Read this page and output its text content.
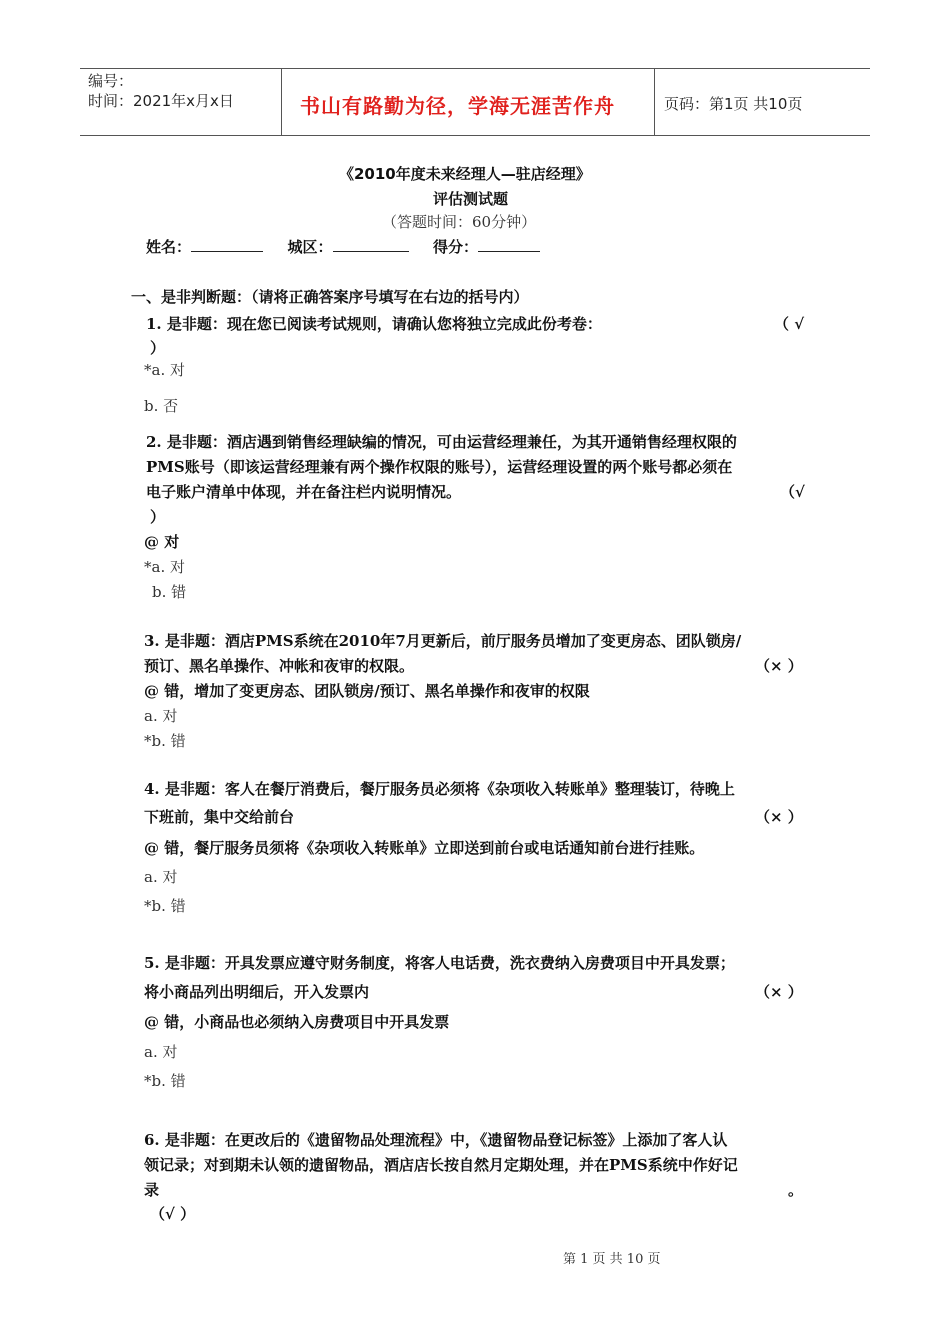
编号：
时间：2021年x月x日	书山有路勤为径，学海无涯苦作舟	页码：第1页 共10页
《2010年度未来经理人—驻店经理》
评估测试题
（答题时间：60分钟）
姓名：	城区：	得分：
一、是非判断题：（请将正确答案序号填写在右边的括号内）
1. 是非题：现在您已阅读考试规则，请确认您将独立完成此份考卷：	（ √
）
*a. 对
b. 否
2. 是非题：酒店遇到销售经理缺编的情况，可由运营经理兼任，为其开通销售经理权限的
PMS账号（即该运营经理兼有两个操作权限的账号），运营经理设置的两个账号都必须在
电子账户清单中体现，并在备注栏内说明情况。	（√
）
@ 对
*a. 对
b. 错
3. 是非题：酒店PMS系统在2010年7月更新后，前厅服务员增加了变更房态、团队锁房/
预订、黑名单操作、冲帐和夜审的权限。	（× ）
@ 错，增加了变更房态、团队锁房/预订、黑名单操作和夜审的权限
a. 对
*b. 错
4. 是非题：客人在餐厅消费后，餐厅服务员必须将《杂项收入转账单》整理装订，待晚上
下班前，集中交给前台	（× ）
@ 错，餐厅服务员须将《杂项收入转账单》立即送到前台或电话通知前台进行挂账。
a. 对
*b. 错
5. 是非题：开具发票应遵守财务制度，将客人电话费，洗衣费纳入房费项目中开具发票；
将小商品列出明细后，开入发票内	（× ）
@ 错，小商品也必须纳入房费项目中开具发票
a. 对
*b. 错
6. 是非题：在更改后的《遗留物品处理流程》中，《遗留物品登记标签》上添加了客人认
领记录；对到期未认领的遗留物品，酒店店长按自然月定期处理，并在PMS系统中作好记
录	。
（√ ）
第 1 页 共 10 页
